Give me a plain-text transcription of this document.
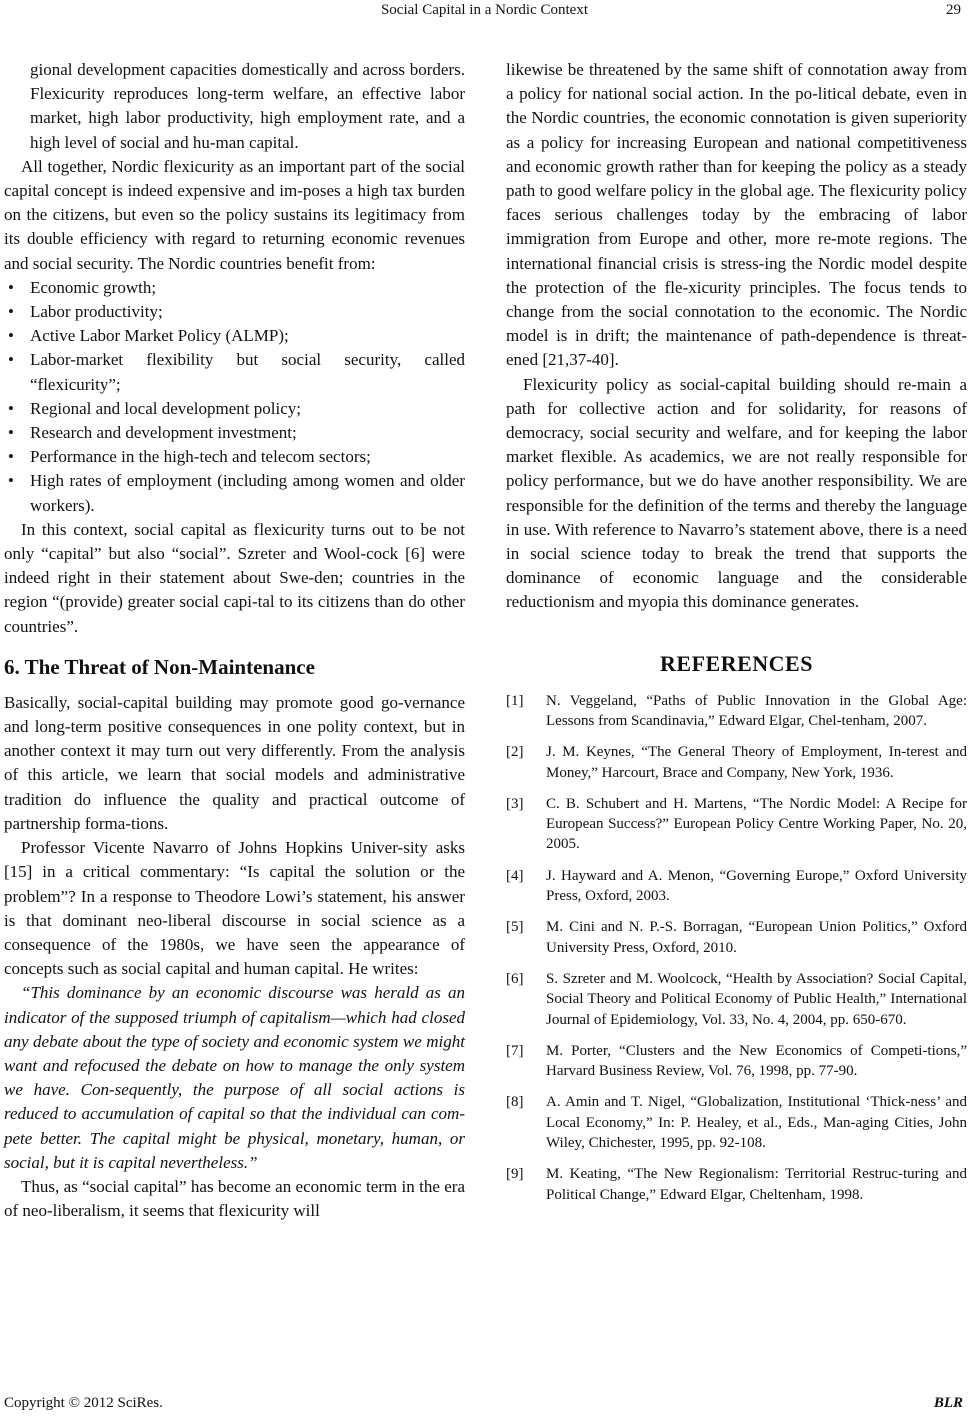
Social Capital in a Nordic Context	29

gional development capacities domestically and across borders. Flexicurity reproduces long-term welfare, an effective labor market, high labor productivity, high employment rate, and a high level of social and hu-man capital.

All together, Nordic flexicurity as an important part of the social capital concept is indeed expensive and im-poses a high tax burden on the citizens, but even so the policy sustains its legitimacy from its double efficiency with regard to returning economic revenues and social security. The Nordic countries benefit from:

• Economic growth;
• Labor productivity;
• Active Labor Market Policy (ALMP);
• Labor-market flexibility but social security, called “flexicurity”;
• Regional and local development policy;
• Research and development investment;
• Performance in the high-tech and telecom sectors;
• High rates of employment (including among women and older workers).

In this context, social capital as flexicurity turns out to be not only “capital” but also “social”. Szreter and Wool-cock [6] were indeed right in their statement about Swe-den; countries in the region “(provide) greater social capi-tal to its citizens than do other countries”.

6. The Threat of Non-Maintenance

Basically, social-capital building may promote good go-vernance and long-term positive consequences in one polity context, but in another context it may turn out very differently. From the analysis of this article, we learn that social models and administrative tradition do influence the quality and practical outcome of partnership forma-tions.

Professor Vicente Navarro of Johns Hopkins Univer-sity asks [15] in a critical commentary: “Is capital the solution or the problem”? In a response to Theodore Lowi’s statement, his answer is that dominant neo-liberal discourse in social science as a consequence of the 1980s, we have seen the appearance of concepts such as social capital and human capital. He writes:

“This dominance by an economic discourse was herald as an indicator of the supposed triumph of capitalism—which had closed any debate about the type of society and economic system we might want and refocused the debate on how to manage the only system we have. Con-sequently, the purpose of all social actions is reduced to accumulation of capital so that the individual can com-pete better. The capital might be physical, monetary, human, or social, but it is capital nevertheless.”

Thus, as “social capital” has become an economic term in the era of neo-liberalism, it seems that flexicurity will

likewise be threatened by the same shift of connotation away from a policy for national social action. In the po-litical debate, even in the Nordic countries, the economic connotation is given superiority as a policy for increasing European and national competitiveness and economic growth rather than for keeping the policy as a steady path to good welfare policy in the global age. The flexicurity policy faces serious challenges today by the embracing of labor immigration from Europe and other, more re-mote regions. The international financial crisis is stress-ing the Nordic model despite the protection of the fle-xicurity principles. The focus tends to change from the social connotation to the economic. The Nordic model is in drift; the maintenance of path-dependence is threat-ened [21,37-40].

Flexicurity policy as social-capital building should re-main a path for collective action and for solidarity, for reasons of democracy, social security and welfare, and for keeping the labor market flexible. As academics, we are not really responsible for policy performance, but we do have another responsibility. We are responsible for the definition of the terms and thereby the language in use. With reference to Navarro’s statement above, there is a need in social science today to break the trend that supports the dominance of economic language and the considerable reductionism and myopia this dominance generates.

REFERENCES
[1] N. Veggeland, “Paths of Public Innovation in the Global Age: Lessons from Scandinavia,” Edward Elgar, Chel-tenham, 2007.
[2] J. M. Keynes, “The General Theory of Employment, In-terest and Money,” Harcourt, Brace and Company, New York, 1936.
[3] C. B. Schubert and H. Martens, “The Nordic Model: A Recipe for European Success?” European Policy Centre Working Paper, No. 20, 2005.
[4] J. Hayward and A. Menon, “Governing Europe,” Oxford University Press, Oxford, 2003.
[5] M. Cini and N. P.-S. Borragan, “European Union Politics,” Oxford University Press, Oxford, 2010.
[6] S. Szreter and M. Woolcock, “Health by Association? Social Capital, Social Theory and Political Economy of Public Health,” International Journal of Epidemiology, Vol. 33, No. 4, 2004, pp. 650-670.
[7] M. Porter, “Clusters and the New Economics of Competi-tions,” Harvard Business Review, Vol. 76, 1998, pp. 77-90.
[8] A. Amin and T. Nigel, “Globalization, Institutional ‘Thick-ness’ and Local Economy,” In: P. Healey, et al., Eds., Man-aging Cities, John Wiley, Chichester, 1995, pp. 92-108.
[9] M. Keating, “The New Regionalism: Territorial Restruc-turing and Political Change,” Edward Elgar, Cheltenham, 1998.
Copyright © 2012 SciRes.	BLR
